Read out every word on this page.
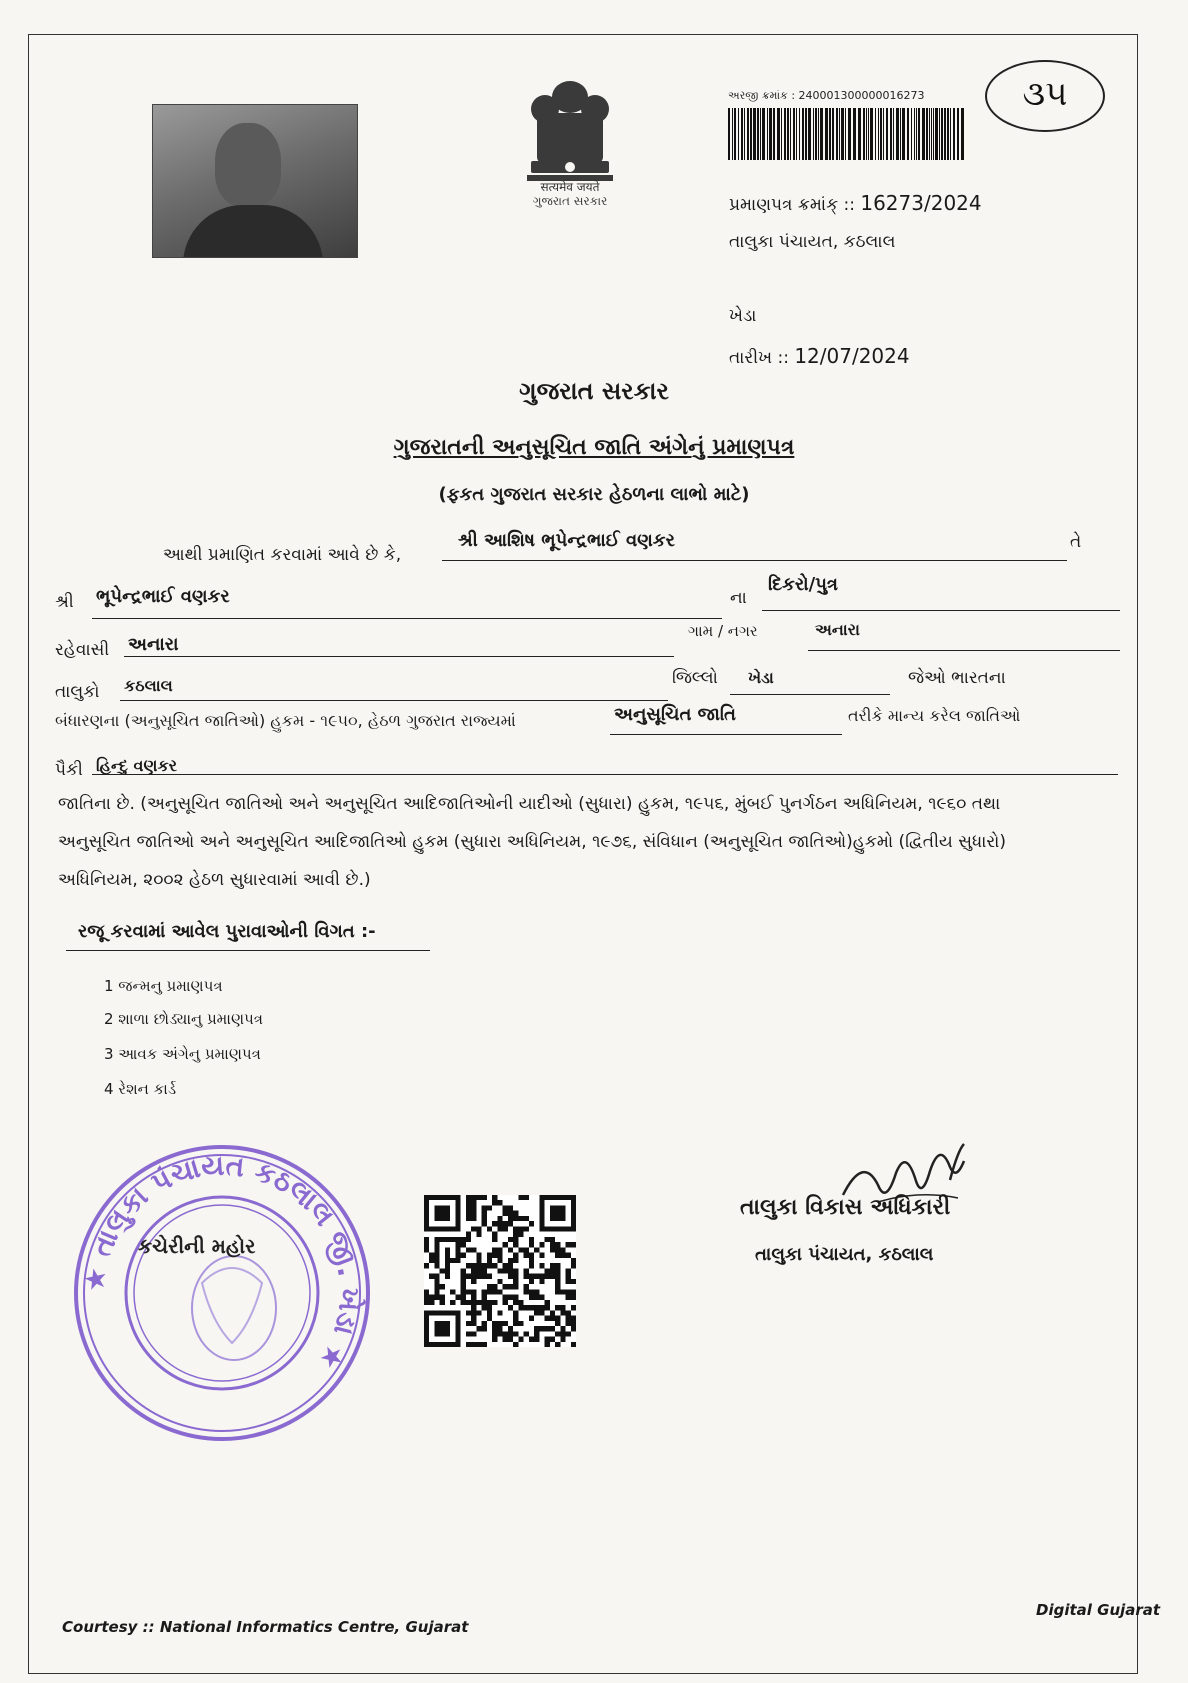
सत्यमेव जयते
ગુજરાત સરકાર
અરજી ક્રમાંક : 240001300000016273	૩૫
પ્રમાણપત્ર ક્રમાંક્ :: 16273/2024
તાલુકા પંચાયત, કઠલાલ
ખેડા
તારીખ :: 12/07/2024
ગુજરાત સરકાર
ગુજરાતની અનુસૂચિત જાતિ અંગેનું પ્રમાણપત્ર
(ફકત ગુજરાત સરકાર હેઠળના લાભો માટે)
આથી પ્રમાણિત કરવામાં આવે છે કે,
શ્રી આશિષ ભૂપેન્દ્રભાઈ વણકર	તે
શ્રી ભૂપેન્દ્રભાઈ વણકર	ના
દિકરો/પુત્ર
ગામ / નગર	અનારા
રહેવાસી અનારા
તાલુકો કઠલાલ	જિલ્લો ખેડા	જેઓ ભારતના
બંધારણના (અનુસૂચિત જાતિઓ) હુકમ - ૧૯૫૦, હેઠળ ગુજરાત રાજ્યમાં	અનુસૂચિત જાતિ	તરીકે માન્ય કરેલ જાતિઓ
પૈકી હિન્દુ વણકર
જાતિના છે. (અનુસૂચિત જાતિઓ અને અનુસૂચિત આદિજાતિઓની યાદીઓ (સુધારા) હુકમ, ૧૯૫૬, મુંબઈ પુનર્ગઠન અધિનિયમ, ૧૯૬૦ તથા
અનુસૂચિત જાતિઓ અને અનુસૂચિત આદિજાતિઓ હુકમ (સુધારા અધિનિયમ, ૧૯૭૬, સંવિધાન (અનુસૂચિત જાતિઓ)હુકમો (દ્વિતીય સુધારો)
અધિનિયમ, ૨૦૦૨ હેઠળ સુધારવામાં આવી છે.)
રજૂ કરવામાં આવેલ પુરાવાઓની વિગત :-
1 જન્મનુ પ્રમાણપત્ર
2 શાળા છોડ્યાનુ પ્રમાણપત્ર
3 આવક અંગેનુ પ્રમાણપત્ર
4 રેશન કાર્ડ
★ તાલુકા પંચાયત કઠલાલ જી. ખેડા ★
કચેરીની મહોર
તાલુકા વિકાસ અધિકારી
તાલુકા પંચાયત, કઠલાલ
Courtesy :: National Informatics Centre, Gujarat
Digital Gujarat
